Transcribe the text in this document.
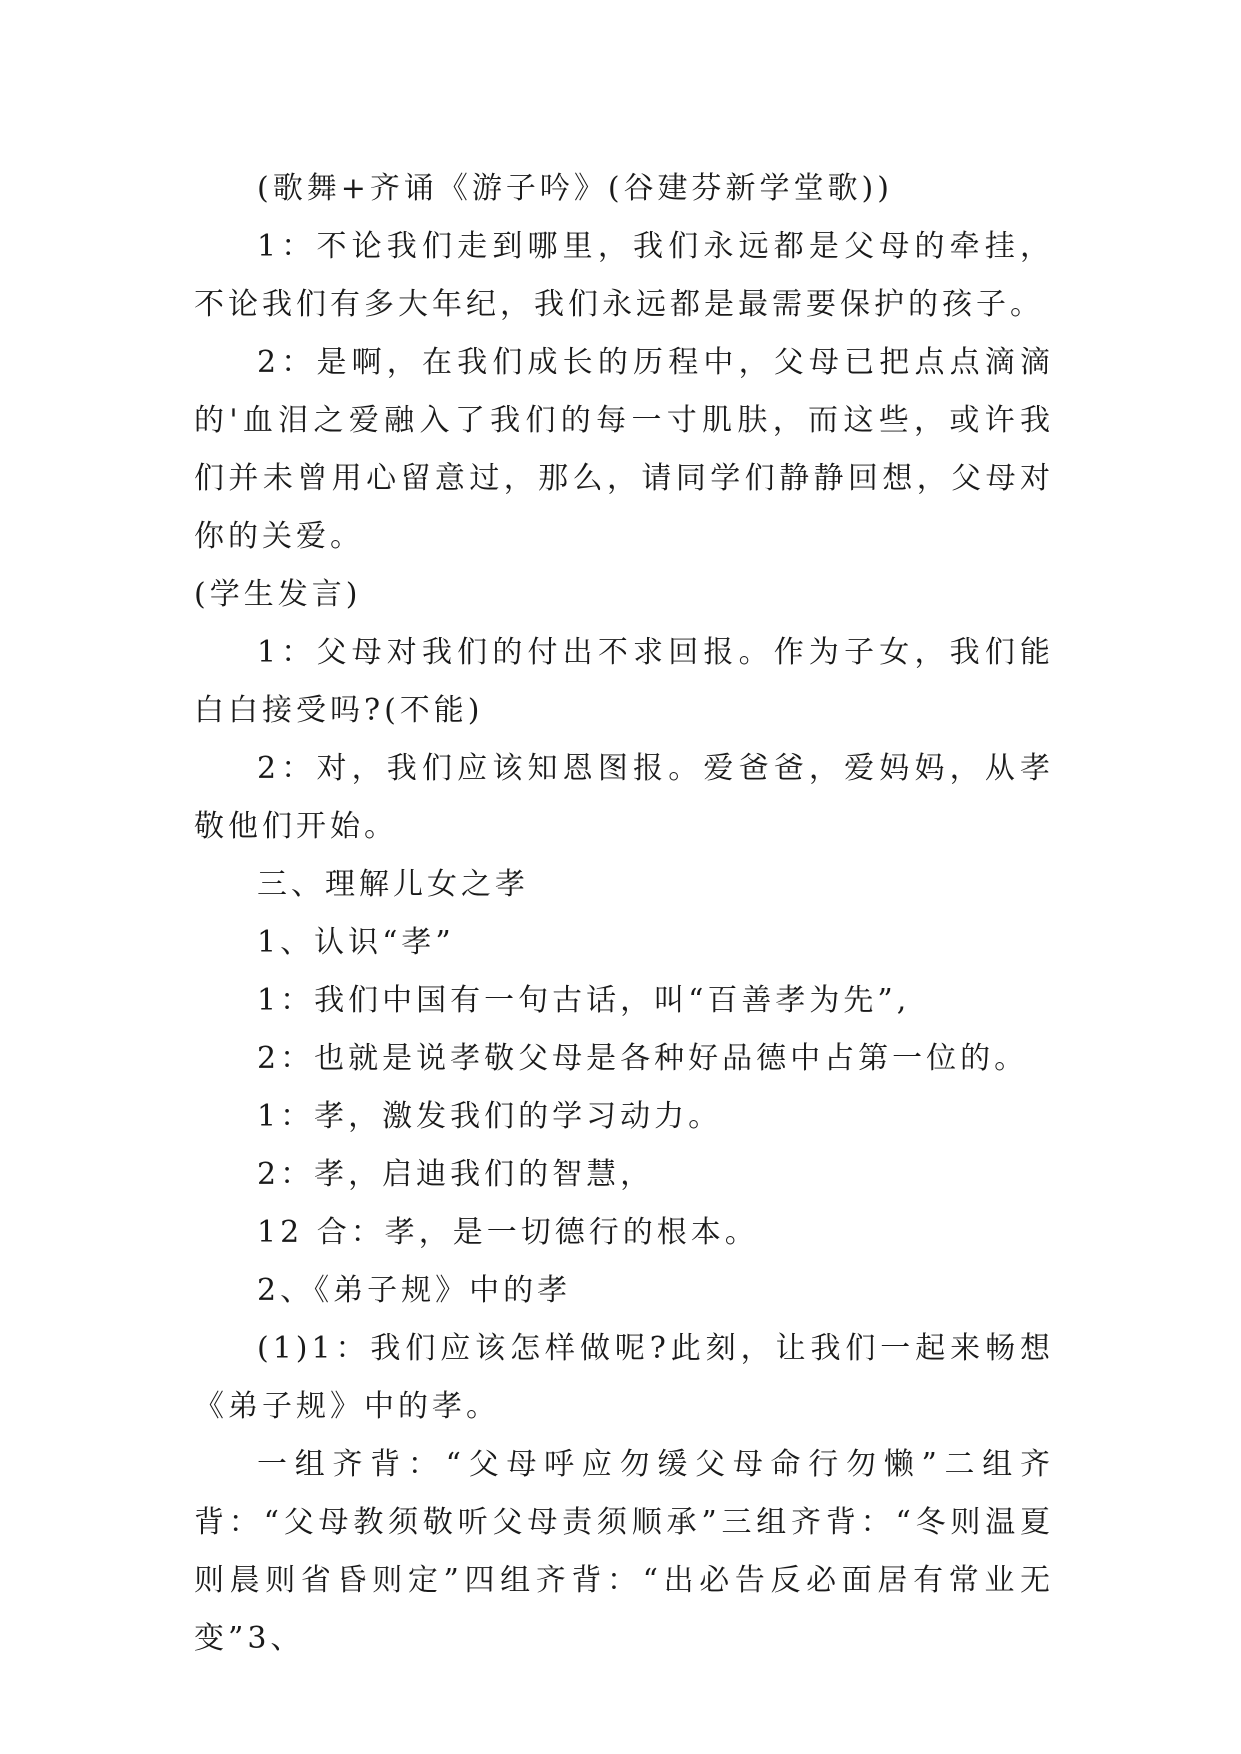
(歌舞+齐诵《游子吟》(谷建芬新学堂歌))

1：不论我们走到哪里，我们永远都是父母的牵挂，不论我们有多大年纪，我们永远都是最需要保护的孩子。

2：是啊，在我们成长的历程中，父母已把点点滴滴的'血泪之爱融入了我们的每一寸肌肤，而这些，或许我们并未曾用心留意过，那么，请同学们静静回想，父母对你的关爱。

(学生发言)

1：父母对我们的付出不求回报。作为子女，我们能白白接受吗?(不能)

2：对，我们应该知恩图报。爱爸爸，爱妈妈，从孝敬他们开始。

三、理解儿女之孝

1、认识“孝”

1：我们中国有一句古话，叫“百善孝为先”,

2：也就是说孝敬父母是各种好品德中占第一位的。

1：孝，激发我们的学习动力。

2：孝，启迪我们的智慧，

12 合：孝，是一切德行的根本。

2、《弟子规》中的孝

(1)1：我们应该怎样做呢?此刻，让我们一起来畅想《弟子规》中的孝。

一组齐背：“父母呼应勿缓父母命行勿懒”二组齐背：“父母教须敬听父母责须顺承”三组齐背：“冬则温夏则晨则省昏则定”四组齐背：“出必告反必面居有常业无变”3、
